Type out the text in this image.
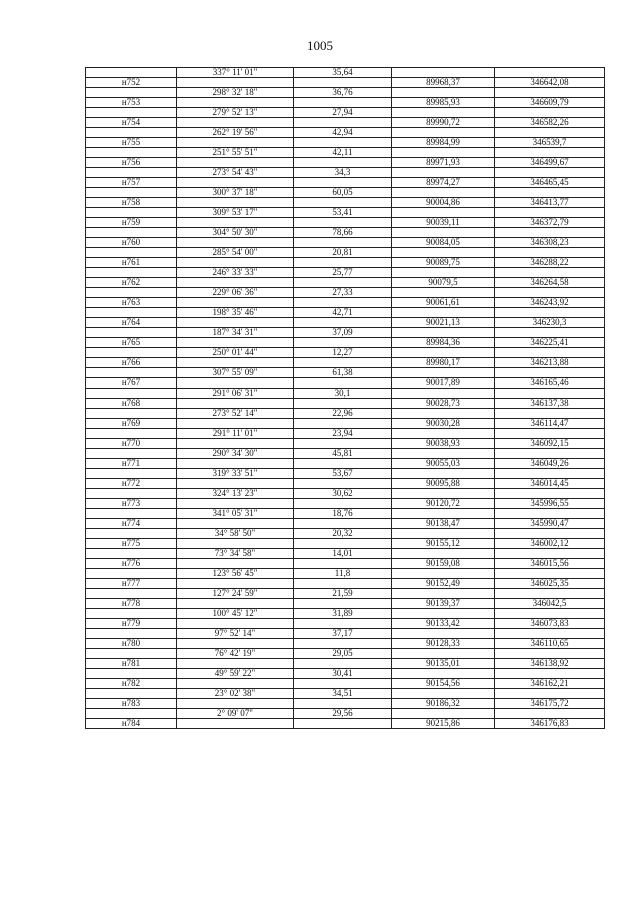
1005
	337° 11' 01"	35,64		
н752			89968,37	346642,08
	298° 32' 18"	36,76		
н753			89985,93	346609,79
	279° 52' 13"	27,94		
н754			89990,72	346582,26
	262° 19' 56"	42,94		
н755			89984,99	346539,7
	251° 55' 51"	42,11		
н756			89971,93	346499,67
	273° 54' 43"	34,3		
н757			89974,27	346465,45
	300° 37' 18"	60,05		
н758			90004,86	346413,77
	309° 53' 17"	53,41		
н759			90039,11	346372,79
	304° 50' 30"	78,66		
н760			90084,05	346308,23
	285° 54' 00"	20,81		
н761			90089,75	346288,22
	246° 33' 33"	25,77		
н762			90079,5	346264,58
	229° 06' 36"	27,33		
н763			90061,61	346243,92
	198° 35' 46"	42,71		
н764			90021,13	346230,3
	187° 34' 31"	37,09		
н765			89984,36	346225,41
	250° 01' 44"	12,27		
н766			89980,17	346213,88
	307° 55' 09"	61,38		
н767			90017,89	346165,46
	291° 06' 31"	30,1		
н768			90028,73	346137,38
	273° 52' 14"	22,96		
н769			90030,28	346114,47
	291° 11' 01"	23,94		
н770			90038,93	346092,15
	290° 34' 30"	45,81		
н771			90055,03	346049,26
	319° 33' 51"	53,67		
н772			90095,88	346014,45
	324° 13' 23"	30,62		
н773			90120,72	345996,55
	341° 05' 31"	18,76		
н774			90138,47	345990,47
	34° 58' 50"	20,32		
н775			90155,12	346002,12
	73° 34' 58"	14,01		
н776			90159,08	346015,56
	123° 56' 45"	11,8		
н777			90152,49	346025,35
	127° 24' 59"	21,59		
н778			90139,37	346042,5
	100° 45' 12"	31,89		
н779			90133,42	346073,83
	97° 52' 14"	37,17		
н780			90128,33	346110,65
	76° 42' 19"	29,05		
н781			90135,01	346138,92
	49° 59' 22"	30,41		
н782			90154,56	346162,21
	23° 02' 38"	34,51		
н783			90186,32	346175,72
	2° 09' 07"	29,56		
н784			90215,86	346176,83
